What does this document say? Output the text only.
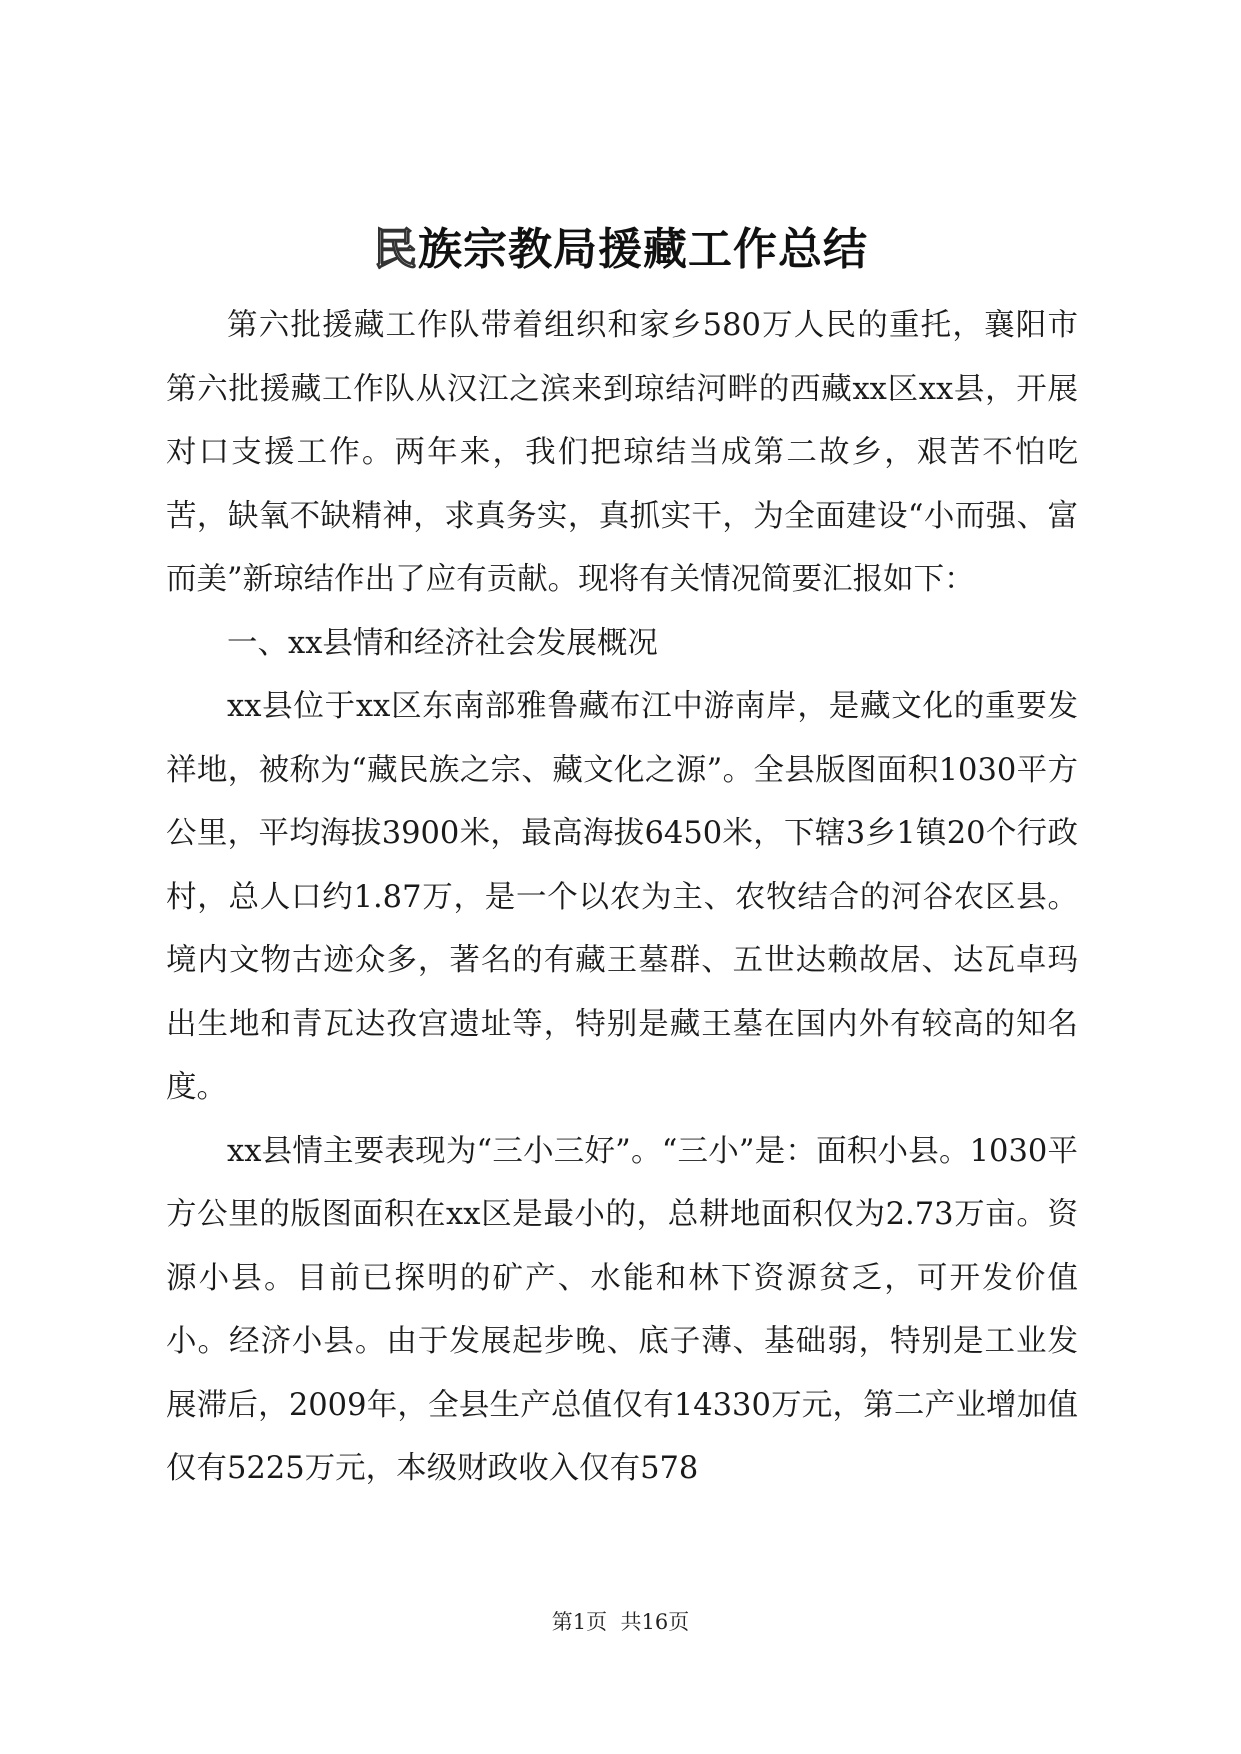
民族宗教局援藏工作总结

第六批援藏工作队带着组织和家乡580万人民的重托，襄阳市第六批援藏工作队从汉江之滨来到琼结河畔的西藏xx区xx县，开展对口支援工作。两年来，我们把琼结当成第二故乡，艰苦不怕吃苦，缺氧不缺精神，求真务实，真抓实干，为全面建设“小而强、富而美”新琼结作出了应有贡献。现将有关情况简要汇报如下：

一、xx县情和经济社会发展概况

xx县位于xx区东南部雅鲁藏布江中游南岸，是藏文化的重要发祥地，被称为“藏民族之宗、藏文化之源”。全县版图面积1030平方公里，平均海拔3900米，最高海拔6450米，下辖3乡1镇20个行政村，总人口约1.87万，是一个以农为主、农牧结合的河谷农区县。境内文物古迹众多，著名的有藏王墓群、五世达赖故居、达瓦卓玛出生地和青瓦达孜宫遗址等，特别是藏王墓在国内外有较高的知名度。

xx县情主要表现为“三小三好”。“三小”是：面积小县。1030平方公里的版图面积在xx区是最小的，总耕地面积仅为2.73万亩。资源小县。目前已探明的矿产、水能和林下资源贫乏，可开发价值小。经济小县。由于发展起步晚、底子薄、基础弱，特别是工业发展滞后，2009年，全县生产总值仅有14330万元，第二产业增加值仅有5225万元，本级财政收入仅有578

第1页 共16页
